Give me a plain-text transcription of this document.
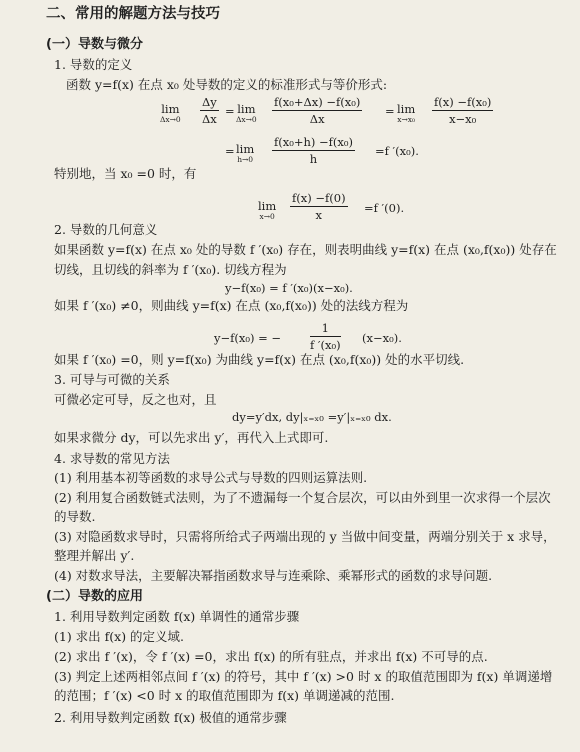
二、常用的解题方法与技巧
(一）导数与微分
1. 导数的定义
函数 y=f(x) 在点 x₀ 处导数的定义的标准形式与等价形式:
lim
$\Delta x\to 0 \frac{\Delta y}{\Delta x} = \lim$
$\Delta x\to 0 \frac{\text{f(x₀+Δx) −f(x₀)}}{\Delta x} = \lim$
$x\to x_0 \frac{\text{f(x) −f(x₀)}}{\text{x−x₀}}$
= lim
$h\to 0 \frac{\text{f(x₀+h) −f(x₀)}}{h} =f$ ′(x₀).
特别地，当 x₀ =0 时，有
lim
$x\to 0 \frac{f(x) -f(0)}{x} =f$ ′(0).
2. 导数的几何意义
如果函数 y=f(x) 在点 x₀ 处的导数 f ′(x₀) 存在，则表明曲线 y=f(x) 在点 (x₀,f(x₀)) 处存在
切线，且切线的斜率为 f ′(x₀). 切线方程为
y−f(x₀) = f ′(x₀)(x−x₀).
如果 f ′(x₀) ≠0，则曲线 y=f(x) 在点 (x₀,f(x₀)) 处的法线方程为
y−f(x₀) = −	$\frac{1}{\text{f ′(x₀)}} (x-x_0)$.
如果 f ′(x₀) =0，则 y=f(x₀) 为曲线 y=f(x) 在点 (x₀,f(x₀)) 处的水平切线.
3. 可导与可微的关系
可微必定可导，反之也对，且
dy=y′dx, dy|ₓ₌ₓ₀ =y′|ₓ₌ₓ₀ dx.
如果求微分 dy，可以先求出 y′，再代入上式即可.
4. 求导数的常见方法
(1) 利用基本初等函数的求导公式与导数的四则运算法则.
(2) 利用复合函数链式法则，为了不遗漏每一个复合层次，可以由外到里一次求得一个层次
的导数.
(3) 对隐函数求导时，只需将所给式子两端出现的 y 当做中间变量，两端分别关于 x 求导，
整理并解出 y′.
(4) 对数求导法，主要解决幂指函数求导与连乘除、乘幂形式的函数的求导问题.
(二）导数的应用
1. 利用导数判定函数 f(x) 单调性的通常步骤
(1) 求出 f(x) 的定义域.
(2) 求出 f ′(x)，令 f ′(x) =0，求出 f(x) 的所有驻点，并求出 f(x) 不可导的点.
(3) 判定上述两相邻点间 f ′(x) 的符号，其中 f ′(x) >0 时 x 的取值范围即为 f(x) 单调递增
的范围；f ′(x) <0 时 x 的取值范围即为 f(x) 单调递减的范围.
2. 利用导数判定函数 f(x) 极值的通常步骤
